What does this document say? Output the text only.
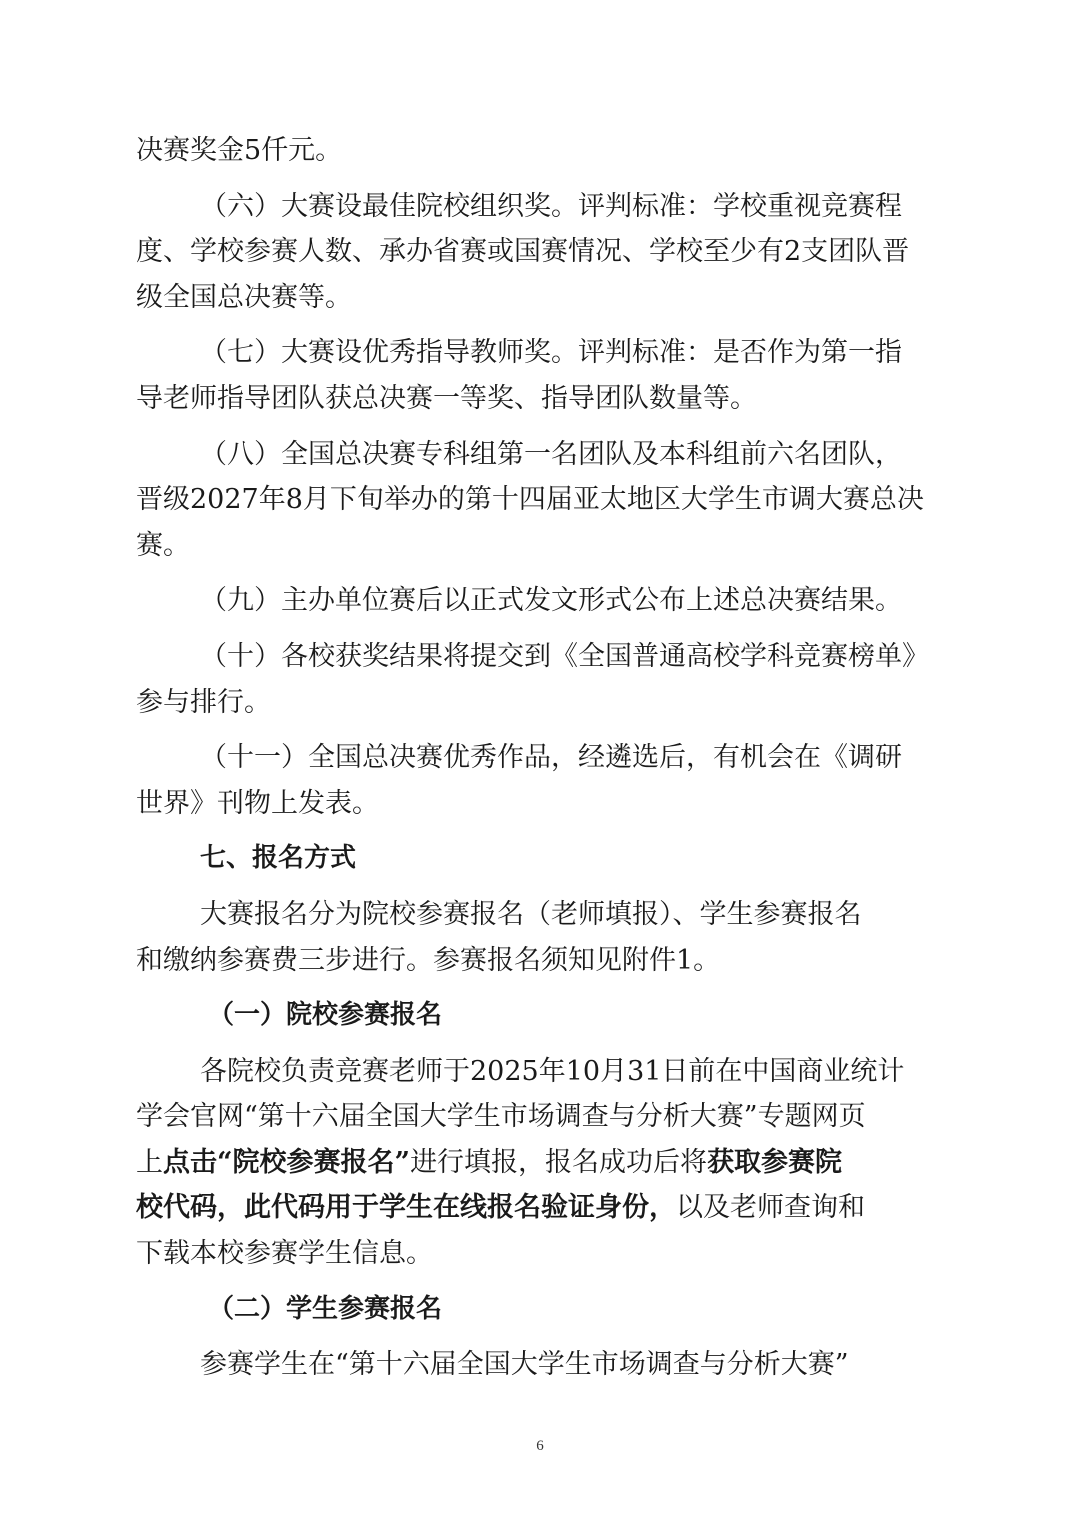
决赛奖金5仟元。
（六）大赛设最佳院校组织奖。评判标准：学校重视竞赛程
度、学校参赛人数、承办省赛或国赛情况、学校至少有2支团队晋
级全国总决赛等。
（七）大赛设优秀指导教师奖。评判标准：是否作为第一指
导老师指导团队获总决赛一等奖、指导团队数量等。
（八）全国总决赛专科组第一名团队及本科组前六名团队，
晋级2027年8月下旬举办的第十四届亚太地区大学生市调大赛总决
赛。
（九）主办单位赛后以正式发文形式公布上述总决赛结果。
（十）各校获奖结果将提交到《全国普通高校学科竞赛榜单》
参与排行。
（十一）全国总决赛优秀作品，经遴选后，有机会在《调研
世界》刊物上发表。
七、报名方式
大赛报名分为院校参赛报名（老师填报）、学生参赛报名
和缴纳参赛费三步进行。参赛报名须知见附件1。
（一）院校参赛报名
各院校负责竞赛老师于2025年10月31日前在中国商业统计
学会官网“第十六届全国大学生市场调查与分析大赛”专题网页
上点击“院校参赛报名”进行填报，报名成功后将获取参赛院
校代码，此代码用于学生在线报名验证身份，以及老师查询和
下载本校参赛学生信息。
（二）学生参赛报名
参赛学生在“第十六届全国大学生市场调查与分析大赛”
6
